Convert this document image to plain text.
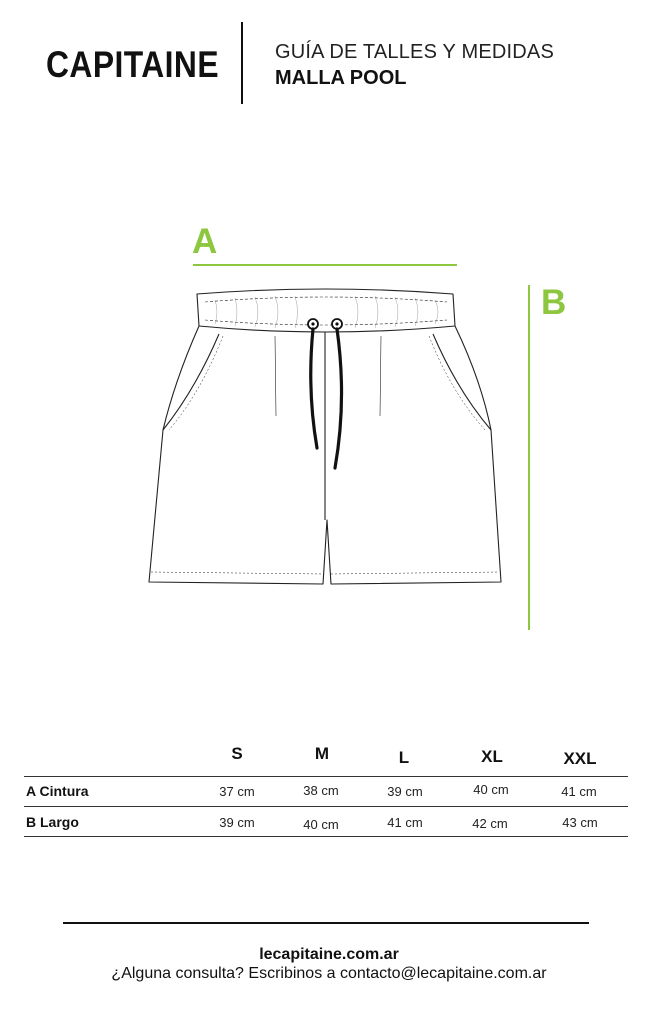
CAPITAINE	GUÍA DE TALLES Y MEDIDAS
MALLA POOL
A
B
S	M	L	XL	XXL
A Cintura	37 cm	38 cm	39 cm	40 cm	41 cm
B Largo	39 cm	40 cm	41 cm	42 cm	43 cm
lecapitaine.com.ar
¿Alguna consulta? Escribinos a contacto@lecapitaine.com.ar
